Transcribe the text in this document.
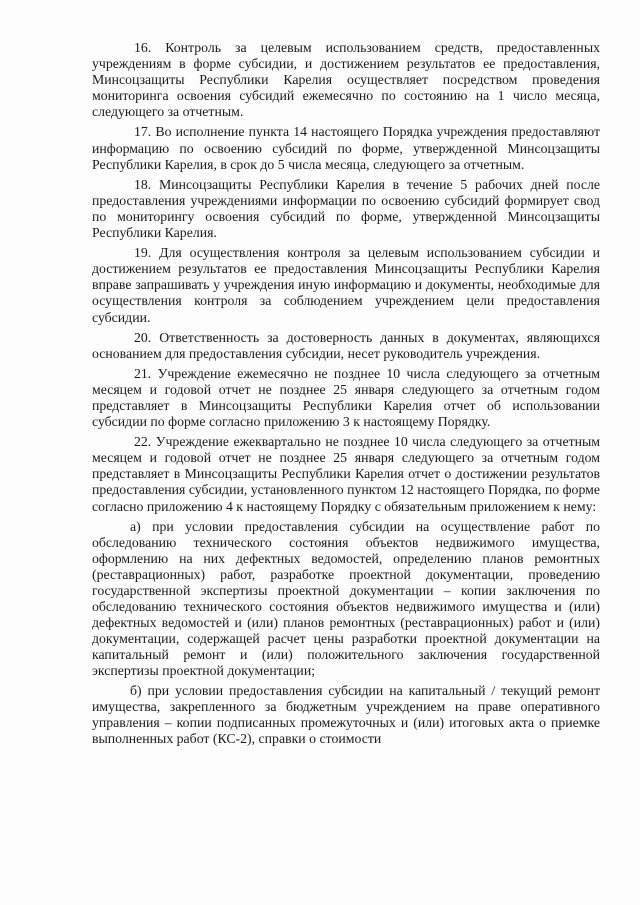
16. Контроль за целевым использованием средств, предоставленных учреждениям в форме субсидии, и достижением результатов ее предоставления, Минсоцзащиты Республики Карелия осуществляет посредством проведения мониторинга освоения субсидий ежемесячно по состоянию на 1 число месяца, следующего за отчетным.

17. Во исполнение пункта 14 настоящего Порядка учреждения предоставляют информацию по освоению субсидий по форме, утвержденной Минсоцзащиты Республики Карелия, в срок до 5 числа месяца, следующего за отчетным.

18. Минсоцзащиты Республики Карелия в течение 5 рабочих дней после предоставления учреждениями информации по освоению субсидий формирует свод по мониторингу освоения субсидий по форме, утвержденной Минсоцзащиты Республики Карелия.

19. Для осуществления контроля за целевым использованием субсидии и достижением результатов ее предоставления Минсоцзащиты Республики Карелия вправе запрашивать у учреждения иную информацию и документы, необходимые для осуществления контроля за соблюдением учреждением цели предоставления субсидии.

20. Ответственность за достоверность данных в документах, являющихся основанием для предоставления субсидии, несет руководитель учреждения.

21. Учреждение ежемесячно не позднее 10 числа следующего за отчетным месяцем и годовой отчет не позднее 25 января следующего за отчетным годом представляет в Минсоцзащиты Республики Карелия отчет об использовании субсидии по форме согласно приложению 3 к настоящему Порядку.

22. Учреждение ежеквартально не позднее 10 числа следующего за отчетным месяцем и годовой отчет не позднее 25 января следующего за отчетным годом представляет в Минсоцзащиты Республики Карелия отчет о достижении результатов предоставления субсидии, установленного пунктом 12 настоящего Порядка, по форме согласно приложению 4 к настоящему Порядку с обязательным приложением к нему:

а) при условии предоставления субсидии на осуществление работ по обследованию технического состояния объектов недвижимого имущества, оформлению на них дефектных ведомостей, определению планов ремонтных (реставрационных) работ, разработке проектной документации, проведению государственной экспертизы проектной документации – копии заключения по обследованию технического состояния объектов недвижимого имущества и (или) дефектных ведомостей и (или) планов ремонтных (реставрационных) работ и (или) документации, содержащей расчет цены разработки проектной документации на капитальный ремонт и (или) положительного заключения государственной экспертизы проектной документации;

б) при условии предоставления субсидии на капитальный / текущий ремонт имущества, закрепленного за бюджетным учреждением на праве оперативного управления – копии подписанных промежуточных и (или) итоговых акта о приемке выполненных работ (КС-2), справки о стоимости
